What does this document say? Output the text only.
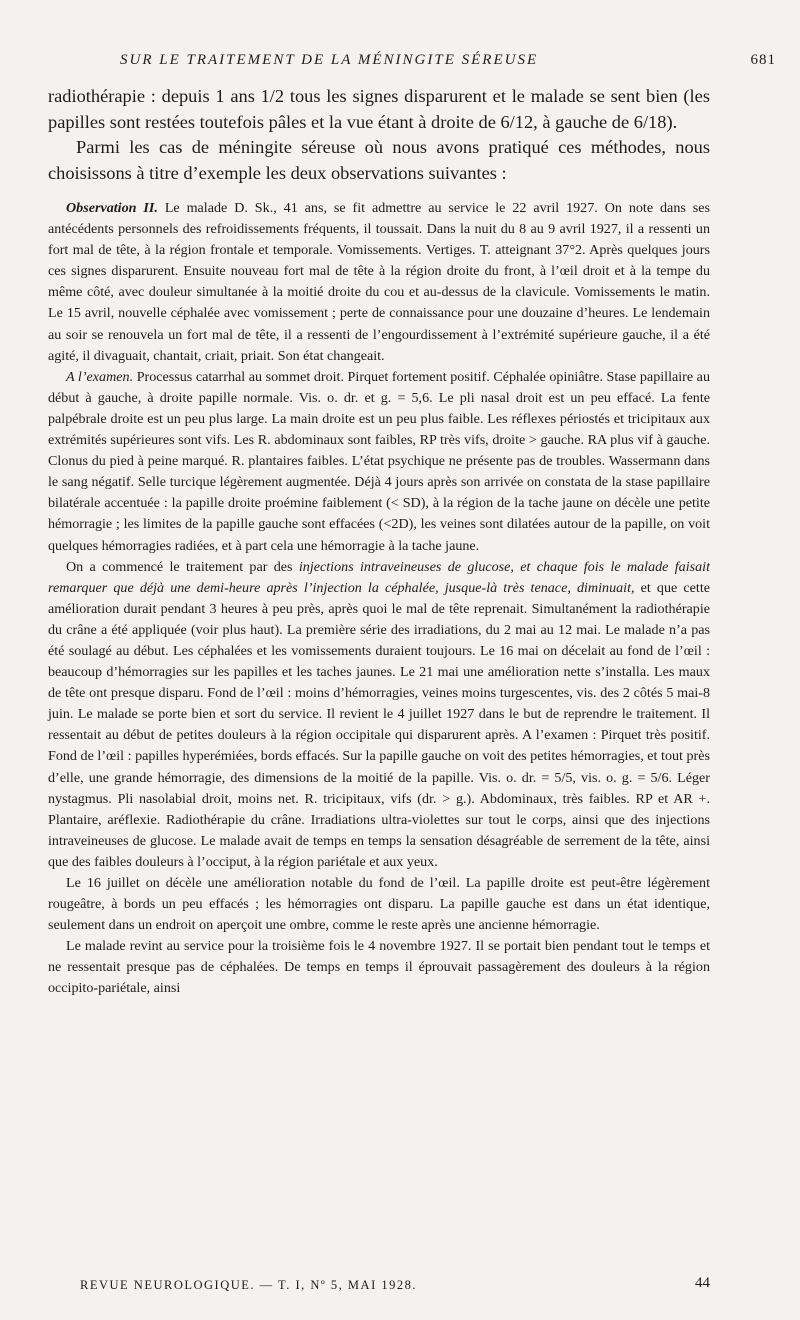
SUR LE TRAITEMENT DE LA MÉNINGITE SÉREUSE	681

radiothérapie : depuis 1 ans 1/2 tous les signes disparurent et le malade se sent bien (les papilles sont restées toutefois pâles et la vue étant à droite de 6/12, à gauche de 6/18).

Parmi les cas de méningite séreuse où nous avons pratiqué ces méthodes, nous choisissons à titre d’exemple les deux observations suivantes :

Observation II. Le malade D. Sk., 41 ans, se fit admettre au service le 22 avril 1927. On note dans ses antécédents personnels des refroidissements fréquents, il toussait. Dans la nuit du 8 au 9 avril 1927, il a ressenti un fort mal de tête, à la région frontale et temporale. Vomissements. Vertiges. T. atteignant 37°2. Après quelques jours ces signes disparurent. Ensuite nouveau fort mal de tête à la région droite du front, à l’œil droit et à la tempe du même côté, avec douleur simultanée à la moitié droite du cou et au-dessus de la clavicule. Vomissements le matin. Le 15 avril, nouvelle céphalée avec vomissement ; perte de connaissance pour une douzaine d’heures. Le lendemain au soir se renouvela un fort mal de tête, il a ressenti de l’engourdissement à l’extrémité supérieure gauche, il a été agité, il divaguait, chantait, criait, priait. Son état changeait.

A l’examen. Processus catarrhal au sommet droit. Pirquet fortement positif. Céphalée opiniâtre. Stase papillaire au début à gauche, à droite papille normale. Vis. o. dr. et g. = 5,6. Le pli nasal droit est un peu effacé. La fente palpébrale droite est un peu plus large. La main droite est un peu plus faible. Les réflexes périostés et tricipitaux aux extrémités supérieures sont vifs. Les R. abdominaux sont faibles, RP très vifs, droite > gauche. RA plus vif à gauche. Clonus du pied à peine marqué. R. plantaires faibles. L’état psychique ne présente pas de troubles. Wassermann dans le sang négatif. Selle turcique légèrement augmentée. Déjà 4 jours après son arrivée on constata de la stase papillaire bilatérale accentuée : la papille droite proémine faiblement (< SD), à la région de la tache jaune on décèle une petite hémorragie ; les limites de la papille gauche sont effacées (<2D), les veines sont dilatées autour de la papille, on voit quelques hémorragies radiées, et à part cela une hémorragie à la tache jaune.

On a commencé le traitement par des injections intraveineuses de glucose, et chaque fois le malade faisait remarquer que déjà une demi-heure après l’injection la céphalée, jusque-là très tenace, diminuait, et que cette amélioration durait pendant 3 heures à peu près, après quoi le mal de tête reprenait. Simultanément la radiothérapie du crâne a été appliquée (voir plus haut). La première série des irradiations, du 2 mai au 12 mai. Le malade n’a pas été soulagé au début. Les céphalées et les vomissements duraient toujours. Le 16 mai on décelait au fond de l’œil : beaucoup d’hémorragies sur les papilles et les taches jaunes. Le 21 mai une amélioration nette s’installa. Les maux de tête ont presque disparu. Fond de l’œil : moins d’hémorragies, veines moins turgescentes, vis. des 2 côtés 5 mai-8 juin. Le malade se porte bien et sort du service. Il revient le 4 juillet 1927 dans le but de reprendre le traitement. Il ressentait au début de petites douleurs à la région occipitale qui disparurent après. A l’examen : Pirquet très positif. Fond de l’œil : papilles hyperémiées, bords effacés. Sur la papille gauche on voit des petites hémorragies, et tout près d’elle, une grande hémorragie, des dimensions de la moitié de la papille. Vis. o. dr. = 5/5, vis. o. g. = 5/6. Léger nystagmus. Pli nasolabial droit, moins net. R. tricipitaux, vifs (dr. > g.). Abdominaux, très faibles. RP et AR +. Plantaire, aréflexie. Radiothérapie du crâne. Irradiations ultra-violettes sur tout le corps, ainsi que des injections intraveineuses de glucose. Le malade avait de temps en temps la sensation désagréable de serrement de la tête, ainsi que des faibles douleurs à l’occiput, à la région pariétale et aux yeux.

Le 16 juillet on décèle une amélioration notable du fond de l’œil. La papille droite est peut-être légèrement rougeâtre, à bords un peu effacés ; les hémorragies ont disparu. La papille gauche est dans un état identique, seulement dans un endroit on aperçoit une ombre, comme le reste après une ancienne hémorragie.

Le malade revint au service pour la troisième fois le 4 novembre 1927. Il se portait bien pendant tout le temps et ne ressentait presque pas de céphalées. De temps en temps il éprouvait passagèrement des douleurs à la région occipito-pariétale, ainsi

REVUE NEUROLOGIQUE. — T. I, Nº 5, MAI 1928.	44
